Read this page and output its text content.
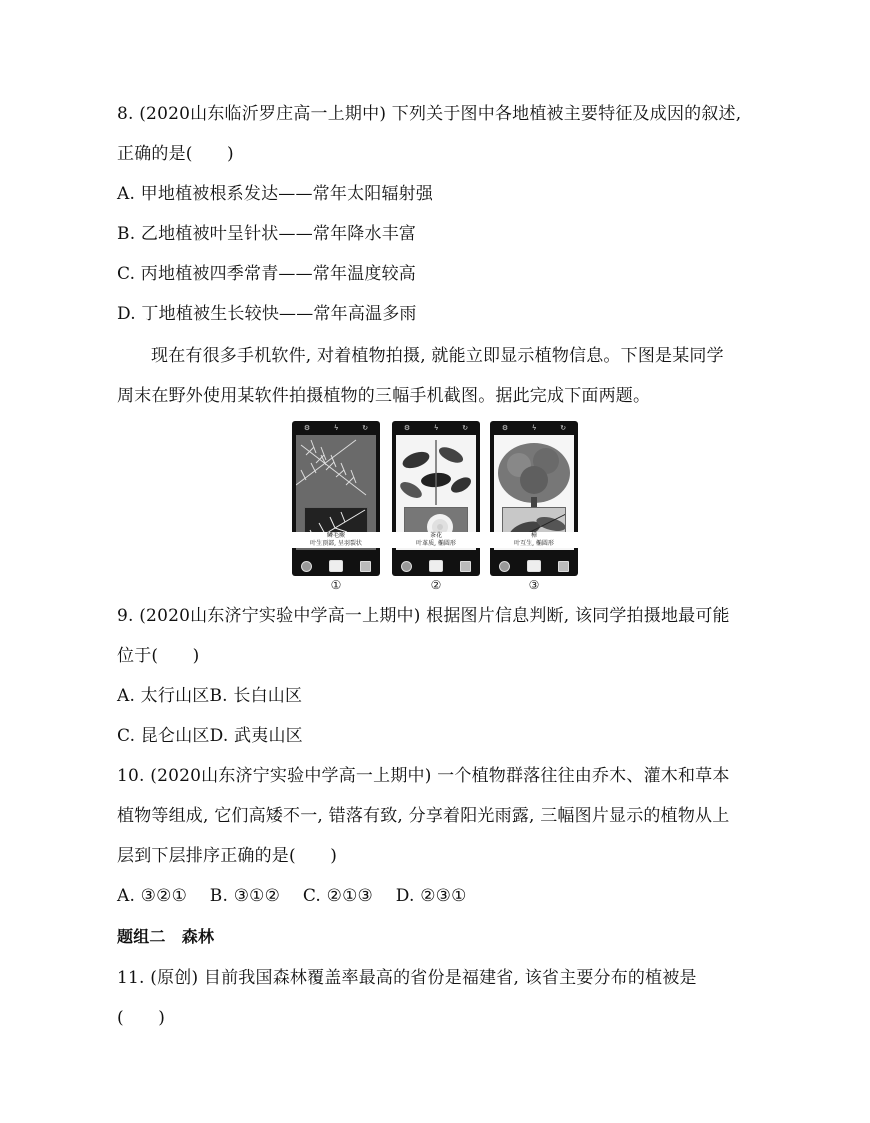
8. (2020山东临沂罗庄高一上期中) 下列关于图中各地植被主要特征及成因的叙述,
正确的是(　　)
A. 甲地植被根系发达——常年太阳辐射强
B. 乙地植被叶呈针状——常年降水丰富
C. 丙地植被四季常青——常年温度较高
D. 丁地植被生长较快——常年高温多雨
现在有很多手机软件, 对着植物拍摄, 就能立即显示植物信息。下图是某同学
周末在野外使用某软件拍摄植物的三幅手机截图。据此完成下面两题。
⚙	ϟ	↻
鳞毛蕨
叶生顶部, 呈羽裂状
⚙	ϟ	↻
茶花
叶革质, 椭圆形
⚙	ϟ	↻
樟
叶互生, 椭圆形
①	②	③
9. (2020山东济宁实验中学高一上期中) 根据图片信息判断, 该同学拍摄地最可能
位于(　　)
A. 太行山区B. 长白山区
C. 昆仑山区D. 武夷山区
10. (2020山东济宁实验中学高一上期中) 一个植物群落往往由乔木、灌木和草本
植物等组成, 它们高矮不一, 错落有致, 分享着阳光雨露, 三幅图片显示的植物从上
层到下层排序正确的是(　　)
A. ③②①　 B. ③①②　 C. ②①③　 D. ②③①
题组二　森林
11. (原创) 目前我国森林覆盖率最高的省份是福建省, 该省主要分布的植被是
(　　)
